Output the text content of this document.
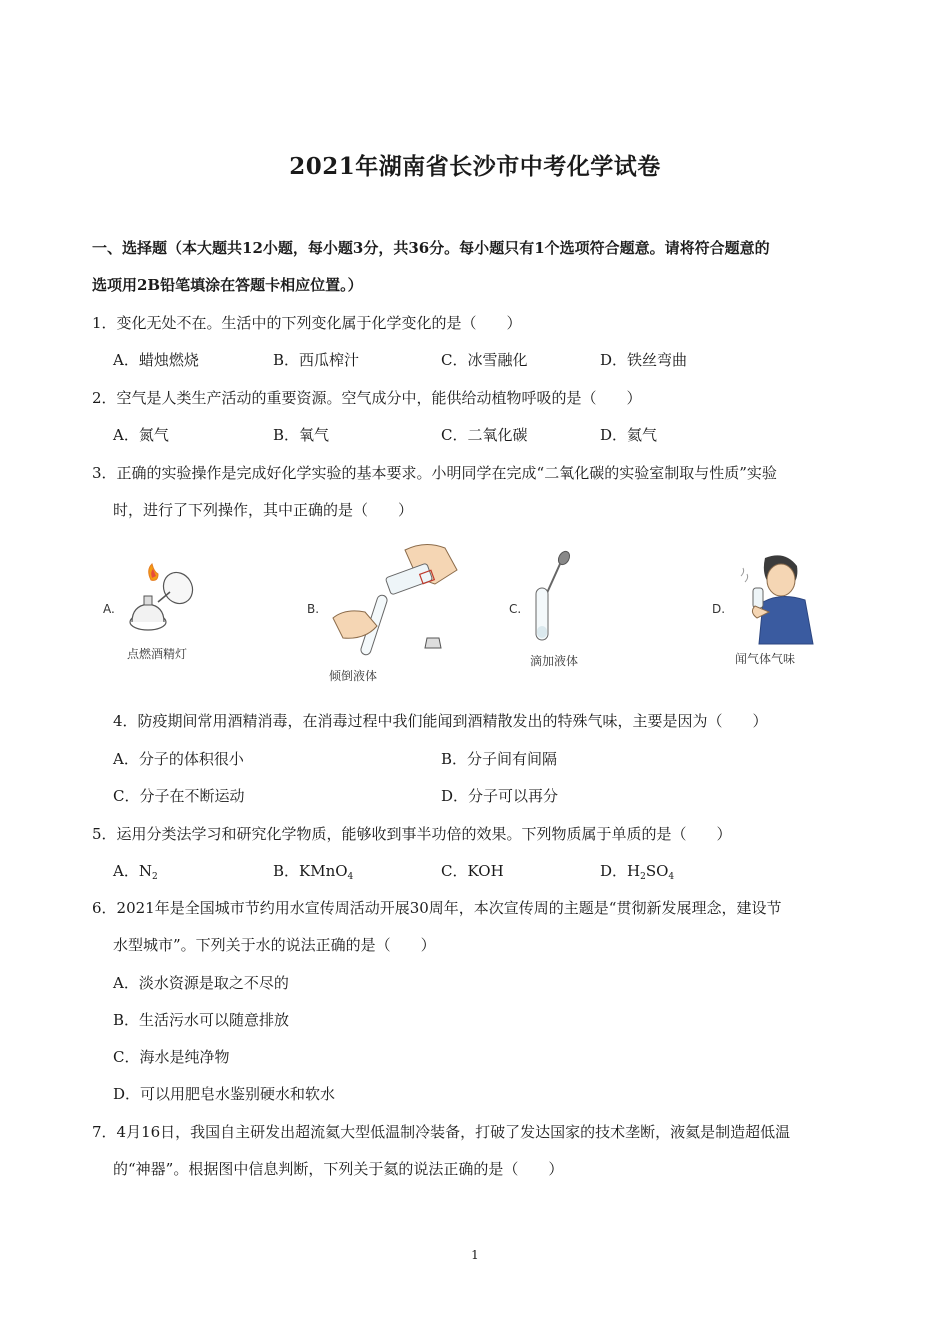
2021年湖南省长沙市中考化学试卷
一、选择题（本大题共12小题，每小题3分，共36分。每小题只有1个选项符合题意。请将符合题意的
选项用2B铅笔填涂在答题卡相应位置。）
1．变化无处不在。生活中的下列变化属于化学变化的是（　　）
A．蜡烛燃烧	B．西瓜榨汁	C．冰雪融化	D．铁丝弯曲
2．空气是人类生产活动的重要资源。空气成分中，能供给动植物呼吸的是（　　）
A．氮气	B．氧气	C．二氧化碳	D．氦气
3．正确的实验操作是完成好化学实验的基本要求。小明同学在完成“二氧化碳的实验室制取与性质”实验
时，进行了下列操作，其中正确的是（　　）
A.
点燃酒精灯
B.
倾倒液体
C.
滴加液体
D.
闻气体气味
4．防疫期间常用酒精消毒，在消毒过程中我们能闻到酒精散发出的特殊气味，主要是因为（　　）
A．分子的体积很小	B．分子间有间隔
C．分子在不断运动	D．分子可以再分
5．运用分类法学习和研究化学物质，能够收到事半功倍的效果。下列物质属于单质的是（　　）
A．$N_2$	B．KMnO$_4$	C．KOH	D．$H_2SO_4$
6．2021年是全国城市节约用水宣传周活动开展30周年，本次宣传周的主题是“贯彻新发展理念，建设节
水型城市”。下列关于水的说法正确的是（　　）
A．淡水资源是取之不尽的
B．生活污水可以随意排放
C．海水是纯净物
D．可以用肥皂水鉴别硬水和软水
7．4月16日，我国自主研发出超流氦大型低温制冷装备，打破了发达国家的技术垄断，液氦是制造超低温
的“神器”。根据图中信息判断，下列关于氦的说法正确的是（　　）
1
